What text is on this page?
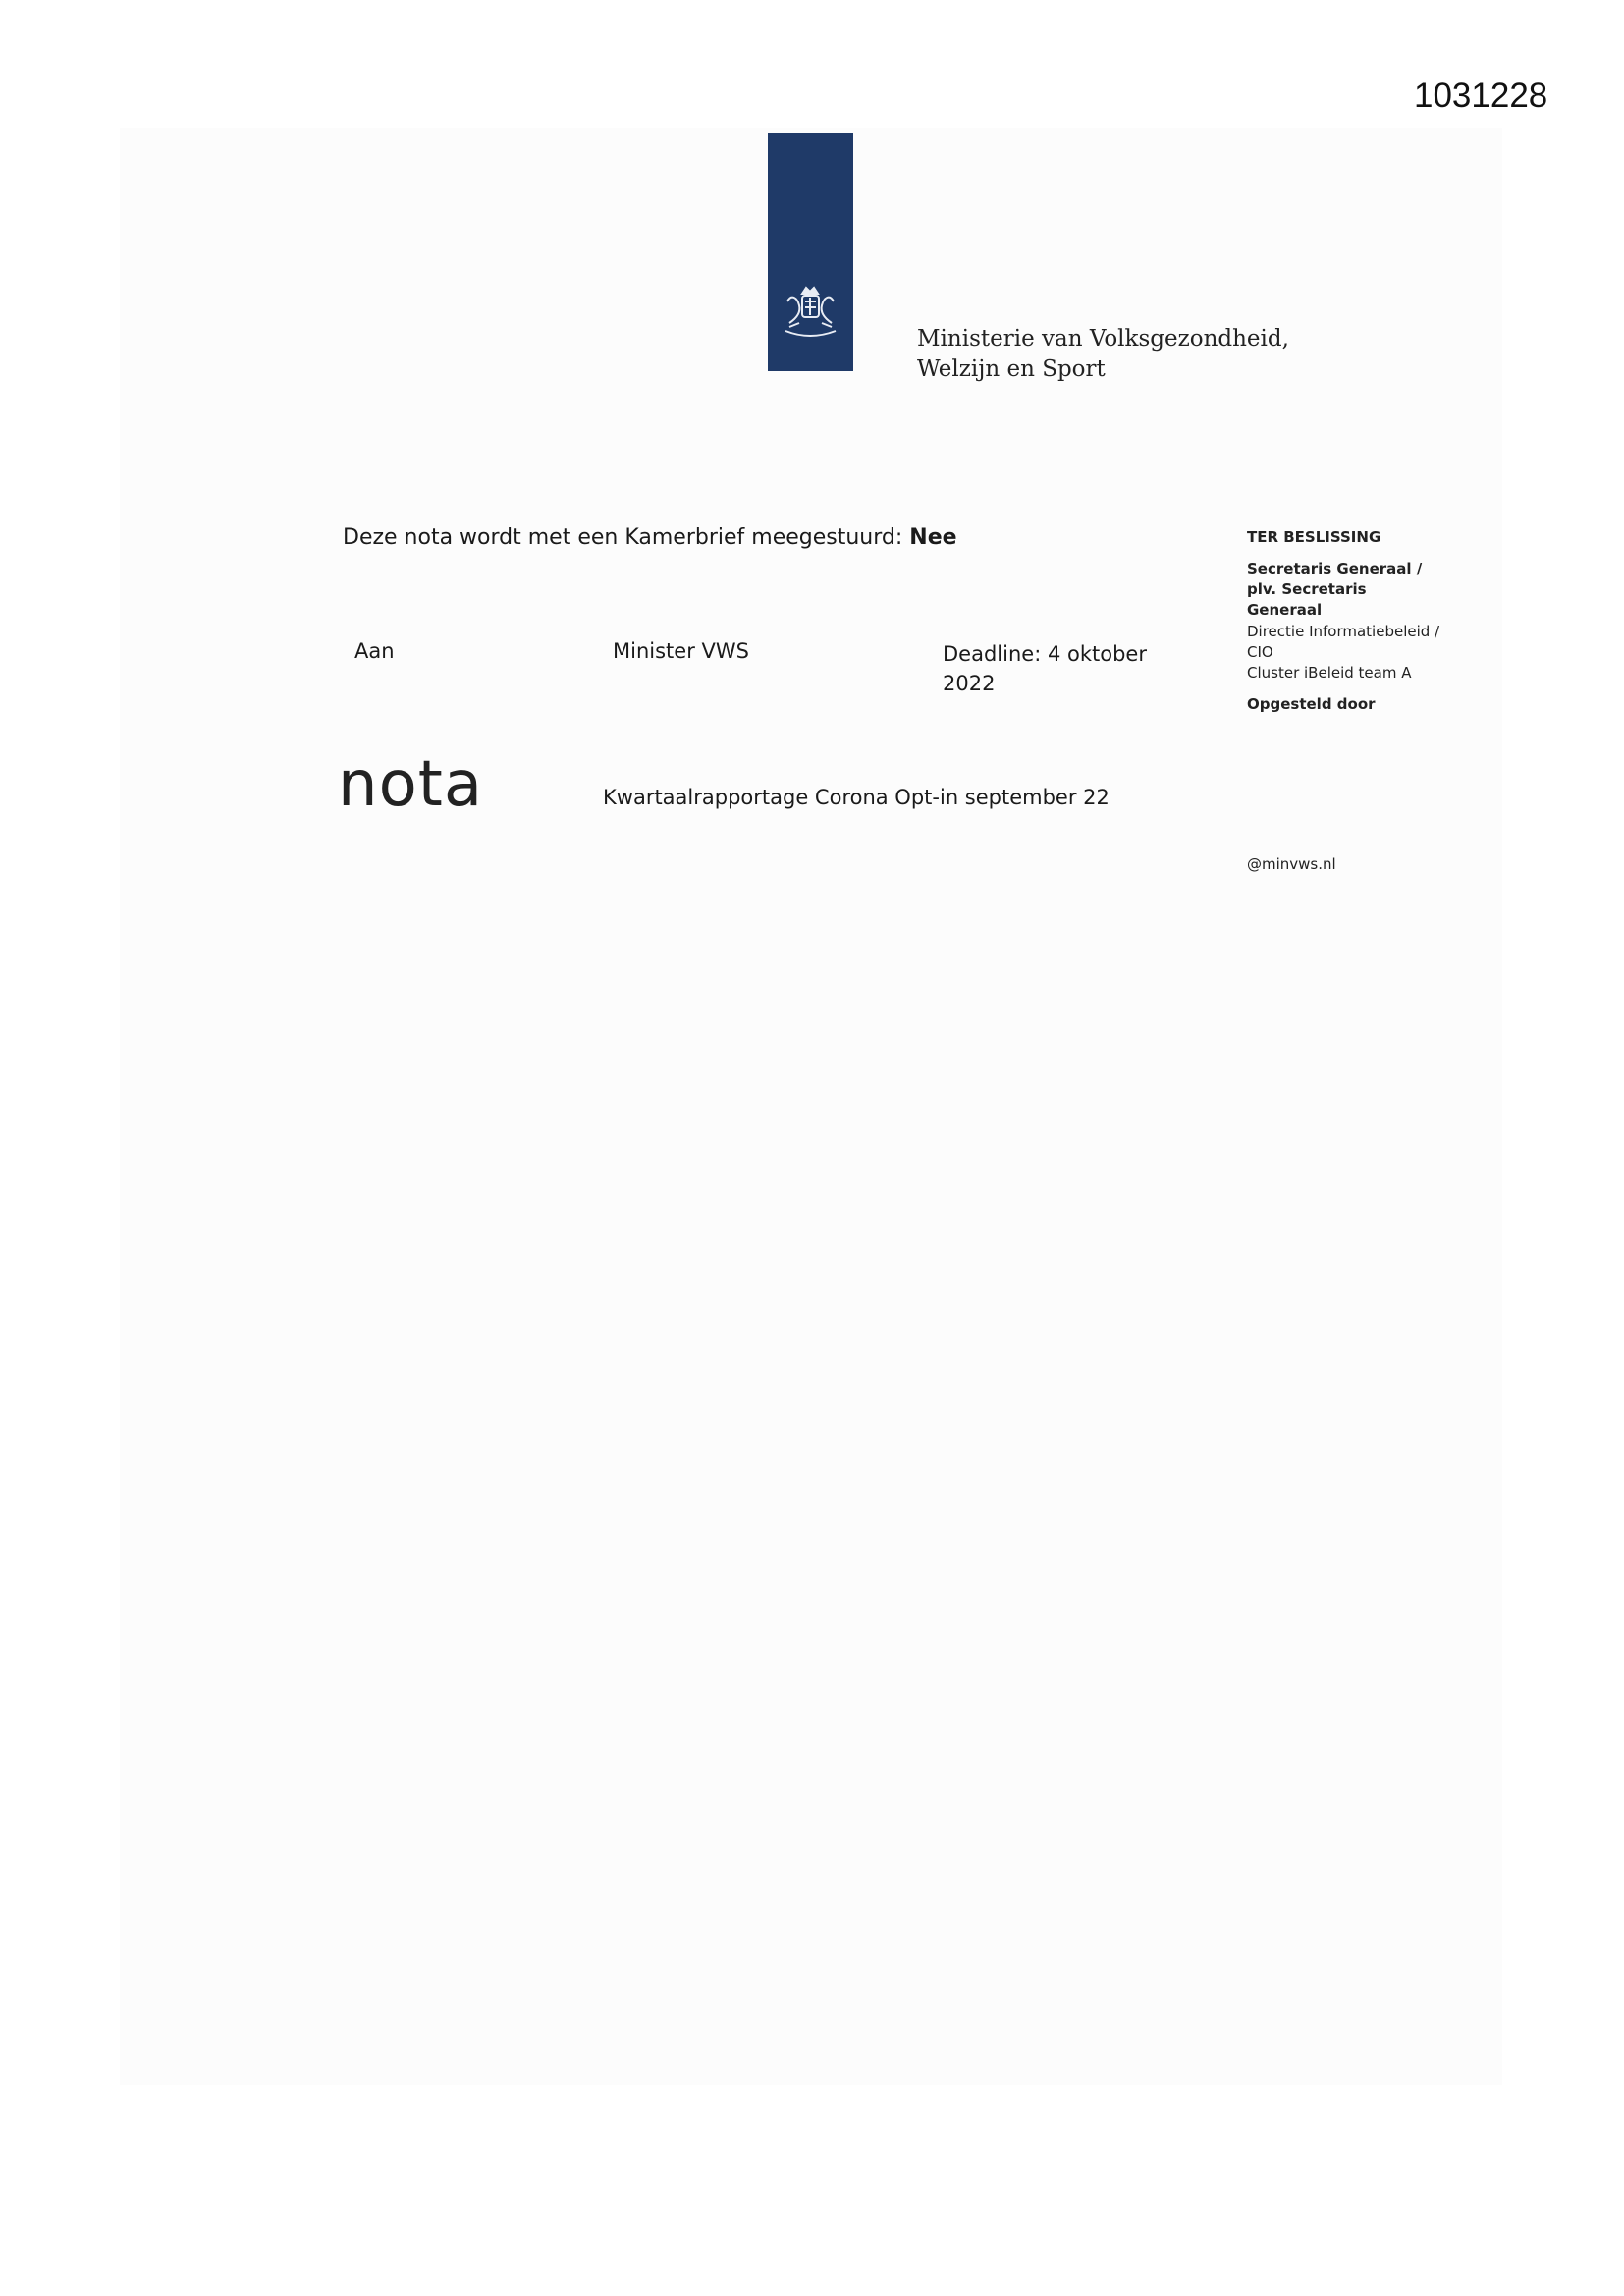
1031228
Ministerie van Volksgezondheid,
Welzijn en Sport
Deze nota wordt met een Kamerbrief meegestuurd: Nee
Aan	Minister VWS	Deadline: 4 oktober
2022
nota	Kwartaalrapportage Corona Opt-in september 22
TER BESLISSING
Secretaris Generaal /
plv. Secretaris
Generaal
Directie Informatiebeleid /
CIO
Cluster iBeleid team A
Opgesteld door
@minvws.nl
